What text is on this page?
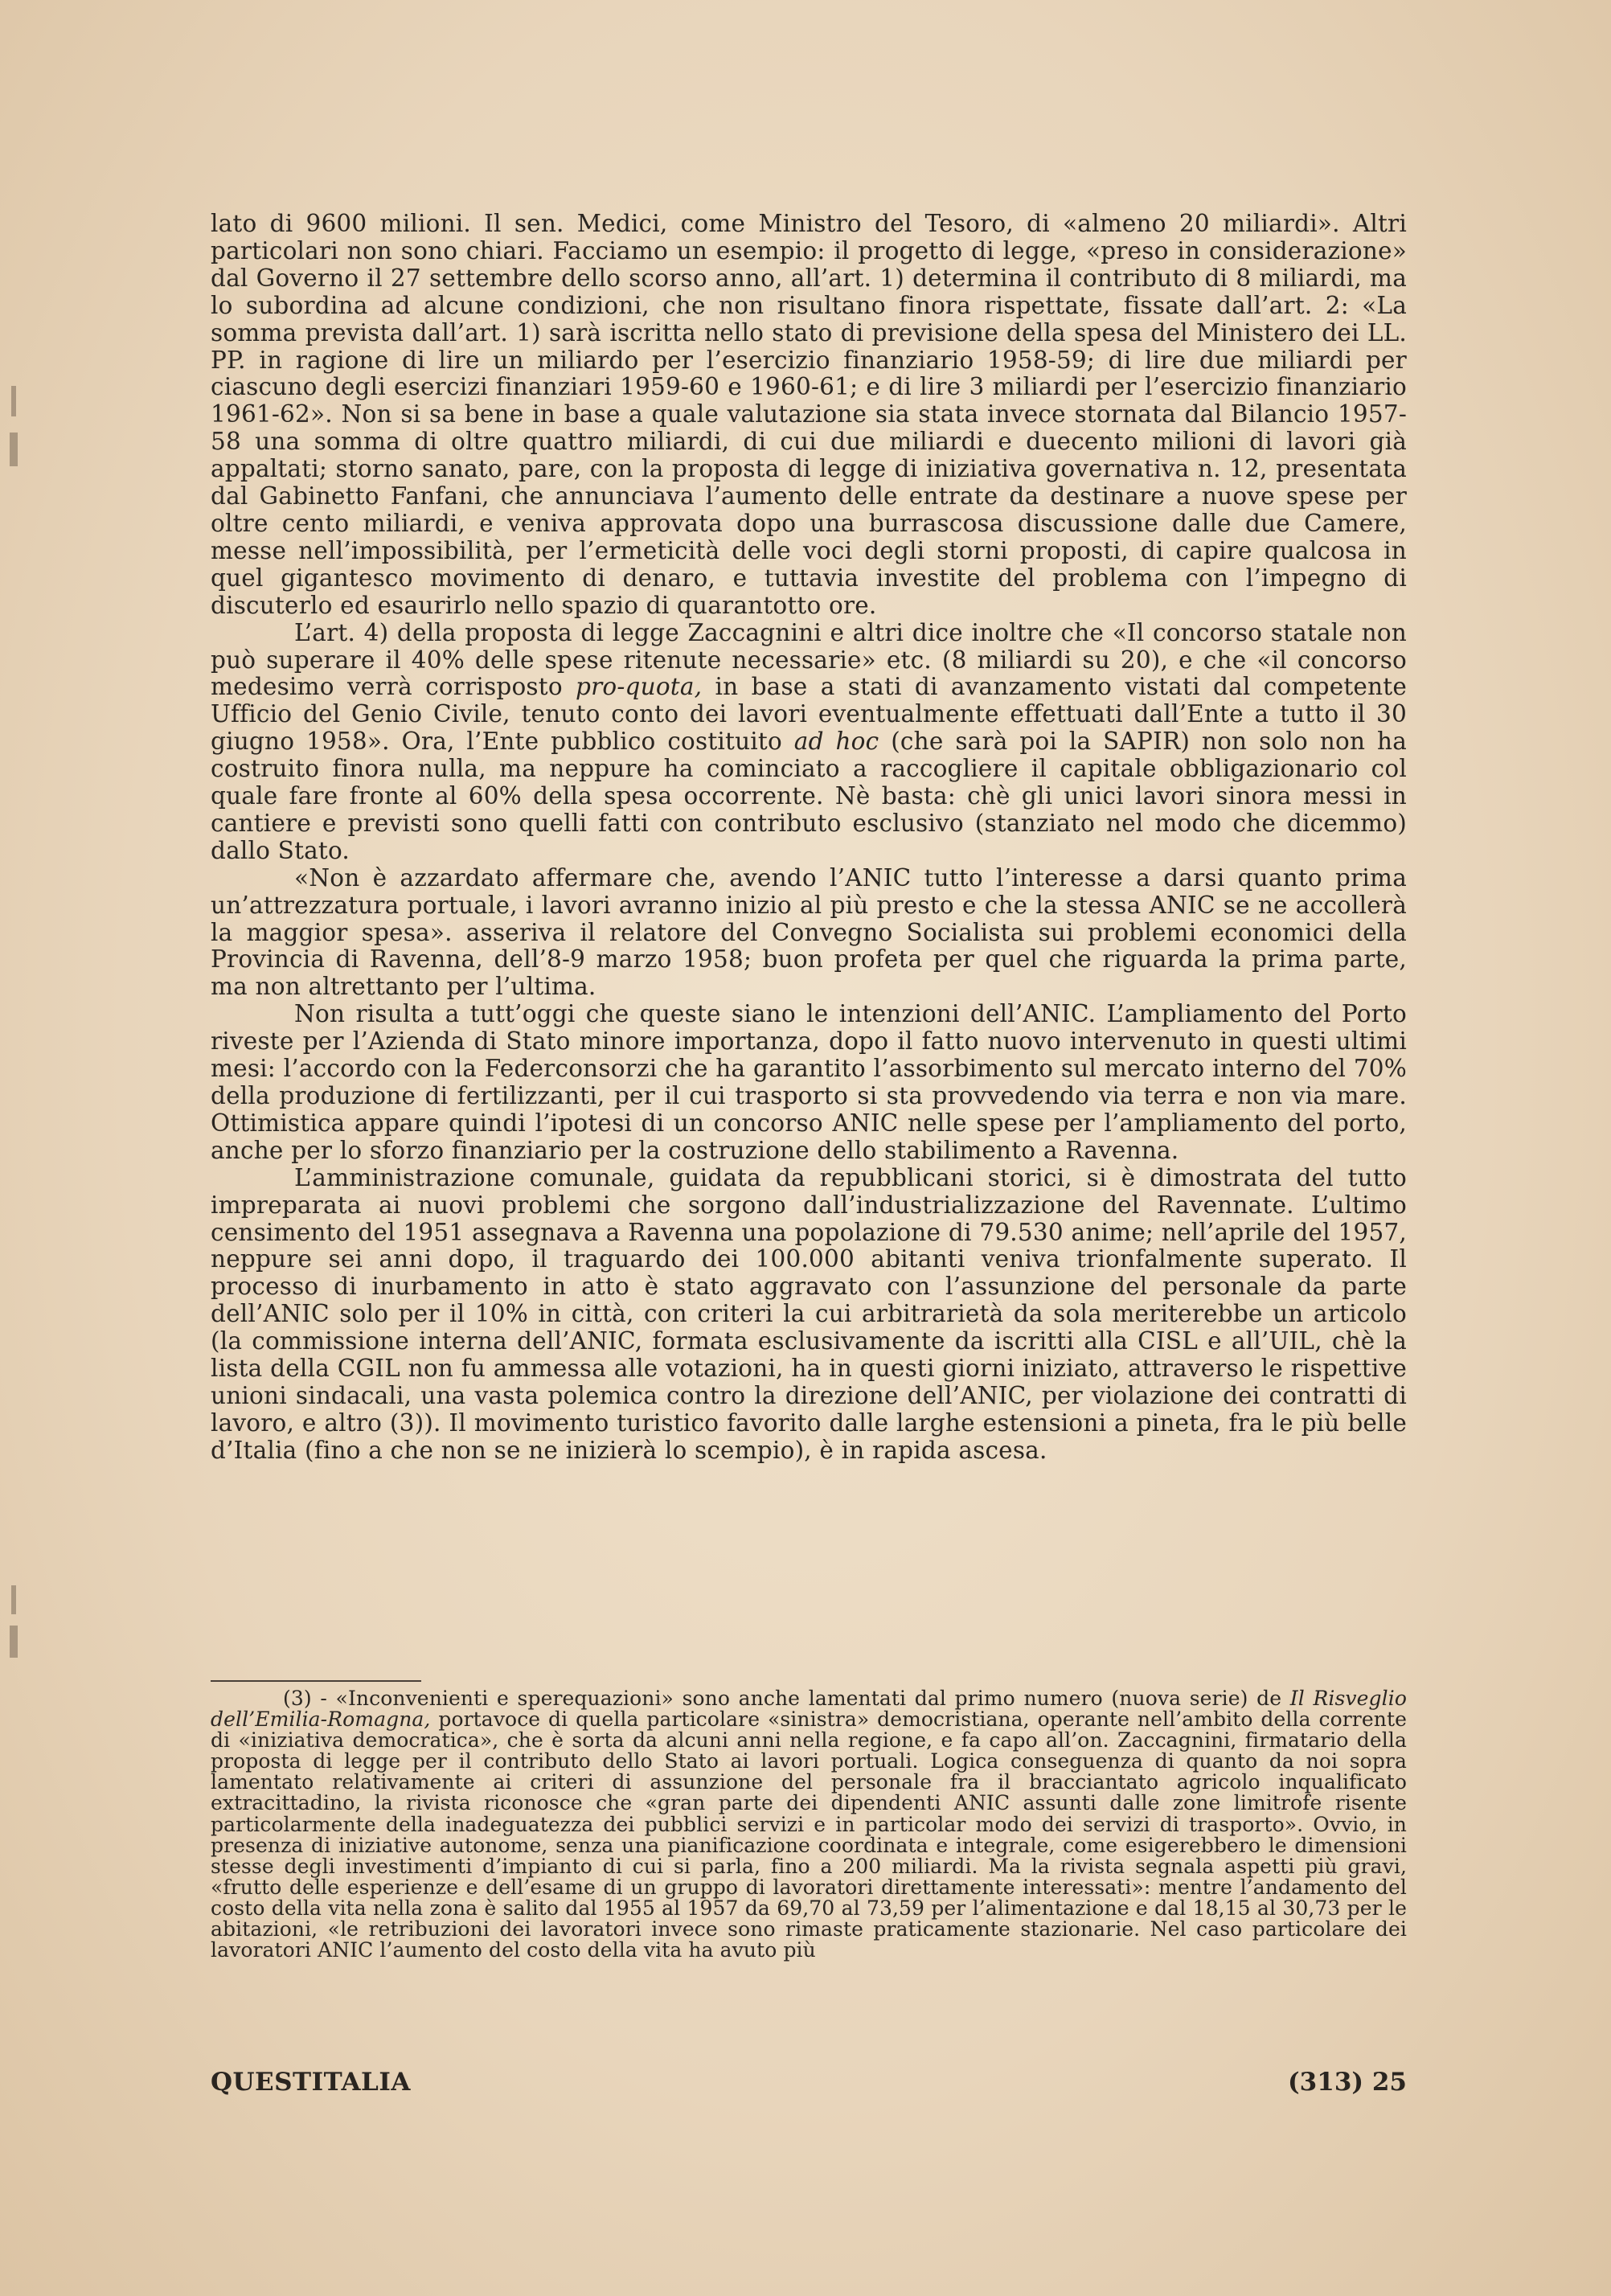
lato di 9600 milioni. Il sen. Medici, come Ministro del Tesoro, di «almeno 20 miliardi». Altri particolari non sono chiari. Facciamo un esempio: il progetto di legge, «preso in considerazione» dal Governo il 27 settembre dello scorso anno, all’art. 1) determina il contributo di 8 miliardi, ma lo subordina ad alcune condizioni, che non risultano finora rispettate, fissate dall’art. 2: «La somma prevista dall’art. 1) sarà iscritta nello stato di previsione della spesa del Ministero dei LL. PP. in ragione di lire un miliardo per l’esercizio finanziario 1958-59; di lire due miliardi per ciascuno degli esercizi finanziari 1959-60 e 1960-61; e di lire 3 miliardi per l’esercizio finanziario 1961-62». Non si sa bene in base a quale valutazione sia stata invece stornata dal Bilancio 1957-58 una somma di oltre quattro miliardi, di cui due miliardi e duecento milioni di lavori già appaltati; storno sanato, pare, con la proposta di legge di iniziativa governativa n. 12, presentata dal Gabinetto Fanfani, che annunciava l’aumento delle entrate da destinare a nuove spese per oltre cento miliardi, e veniva approvata dopo una burrascosa discussione dalle due Camere, messe nell’impossibilità, per l’ermeticità delle voci degli storni proposti, di capire qualcosa in quel gigantesco movimento di denaro, e tuttavia investite del problema con l’impegno di discuterlo ed esaurirlo nello spazio di quarantotto ore.

L’art. 4) della proposta di legge Zaccagnini e altri dice inoltre che «Il concorso statale non può superare il 40% delle spese ritenute necessarie» etc. (8 miliardi su 20), e che «il concorso medesimo verrà corrisposto pro-quota, in base a stati di avanzamento vistati dal competente Ufficio del Genio Civile, tenuto conto dei lavori eventualmente effettuati dall’Ente a tutto il 30 giugno 1958». Ora, l’Ente pubblico costituito ad hoc (che sarà poi la SAPIR) non solo non ha costruito finora nulla, ma neppure ha cominciato a raccogliere il capitale obbligazionario col quale fare fronte al 60% della spesa occorrente. Nè basta: chè gli unici lavori sinora messi in cantiere e previsti sono quelli fatti con contributo esclusivo (stanziato nel modo che dicemmo) dallo Stato.

«Non è azzardato affermare che, avendo l’ANIC tutto l’interesse a darsi quanto prima un’attrezzatura portuale, i lavori avranno inizio al più presto e che la stessa ANIC se ne accollerà la maggior spesa». asseriva il relatore del Convegno Socialista sui problemi economici della Provincia di Ravenna, dell’8-9 marzo 1958; buon profeta per quel che riguarda la prima parte, ma non altrettanto per l’ultima.

Non risulta a tutt’oggi che queste siano le intenzioni dell’ANIC. L’ampliamento del Porto riveste per l’Azienda di Stato minore importanza, dopo il fatto nuovo intervenuto in questi ultimi mesi: l’accordo con la Federconsorzi che ha garantito l’assorbimento sul mercato interno del 70% della produzione di fertilizzanti, per il cui trasporto si sta provvedendo via terra e non via mare. Ottimistica appare quindi l’ipotesi di un concorso ANIC nelle spese per l’ampliamento del porto, anche per lo sforzo finanziario per la costruzione dello stabilimento a Ravenna.

L’amministrazione comunale, guidata da repubblicani storici, si è dimostrata del tutto impreparata ai nuovi problemi che sorgono dall’industrializzazione del Ravennate. L’ultimo censimento del 1951 assegnava a Ravenna una popolazione di 79.530 anime; nell’aprile del 1957, neppure sei anni dopo, il traguardo dei 100.000 abitanti veniva trionfalmente superato. Il processo di inurbamento in atto è stato aggravato con l’assunzione del personale da parte dell’ANIC solo per il 10% in città, con criteri la cui arbitrarietà da sola meriterebbe un articolo (la commissione interna dell’ANIC, formata esclusivamente da iscritti alla CISL e all’UIL, chè la lista della CGIL non fu ammessa alle votazioni, ha in questi giorni iniziato, attraverso le rispettive unioni sindacali, una vasta polemica contro la direzione dell’ANIC, per violazione dei contratti di lavoro, e altro (3)). Il movimento turistico favorito dalle larghe estensioni a pineta, fra le più belle d’Italia (fino a che non se ne inizierà lo scempio), è in rapida ascesa.

(3) - «Inconvenienti e sperequazioni» sono anche lamentati dal primo numero (nuova serie) de Il Risveglio dell’Emilia-Romagna, portavoce di quella particolare «sinistra» democristiana, operante nell’ambito della corrente di «iniziativa democratica», che è sorta da alcuni anni nella regione, e fa capo all’on. Zaccagnini, firmatario della proposta di legge per il contributo dello Stato ai lavori portuali. Logica conseguenza di quanto da noi sopra lamentato relativamente ai criteri di assunzione del personale fra il bracciantato agricolo inqualificato extracittadino, la rivista riconosce che «gran parte dei dipendenti ANIC assunti dalle zone limitrofe risente particolarmente della inadeguatezza dei pubblici servizi e in particolar modo dei servizi di trasporto». Ovvio, in presenza di iniziative autonome, senza una pianificazione coordinata e integrale, come esigerebbero le dimensioni stesse degli investimenti d’impianto di cui si parla, fino a 200 miliardi. Ma la rivista segnala aspetti più gravi, «frutto delle esperienze e dell’esame di un gruppo di lavoratori direttamente interessati»: mentre l’andamento del costo della vita nella zona è salito dal 1955 al 1957 da 69,70 al 73,59 per l’alimentazione e dal 18,15 al 30,73 per le abitazioni, «le retribuzioni dei lavoratori invece sono rimaste praticamente stazionarie. Nel caso particolare dei lavoratori ANIC l’aumento del costo della vita ha avuto più

QUESTITALIA	(313) 25
